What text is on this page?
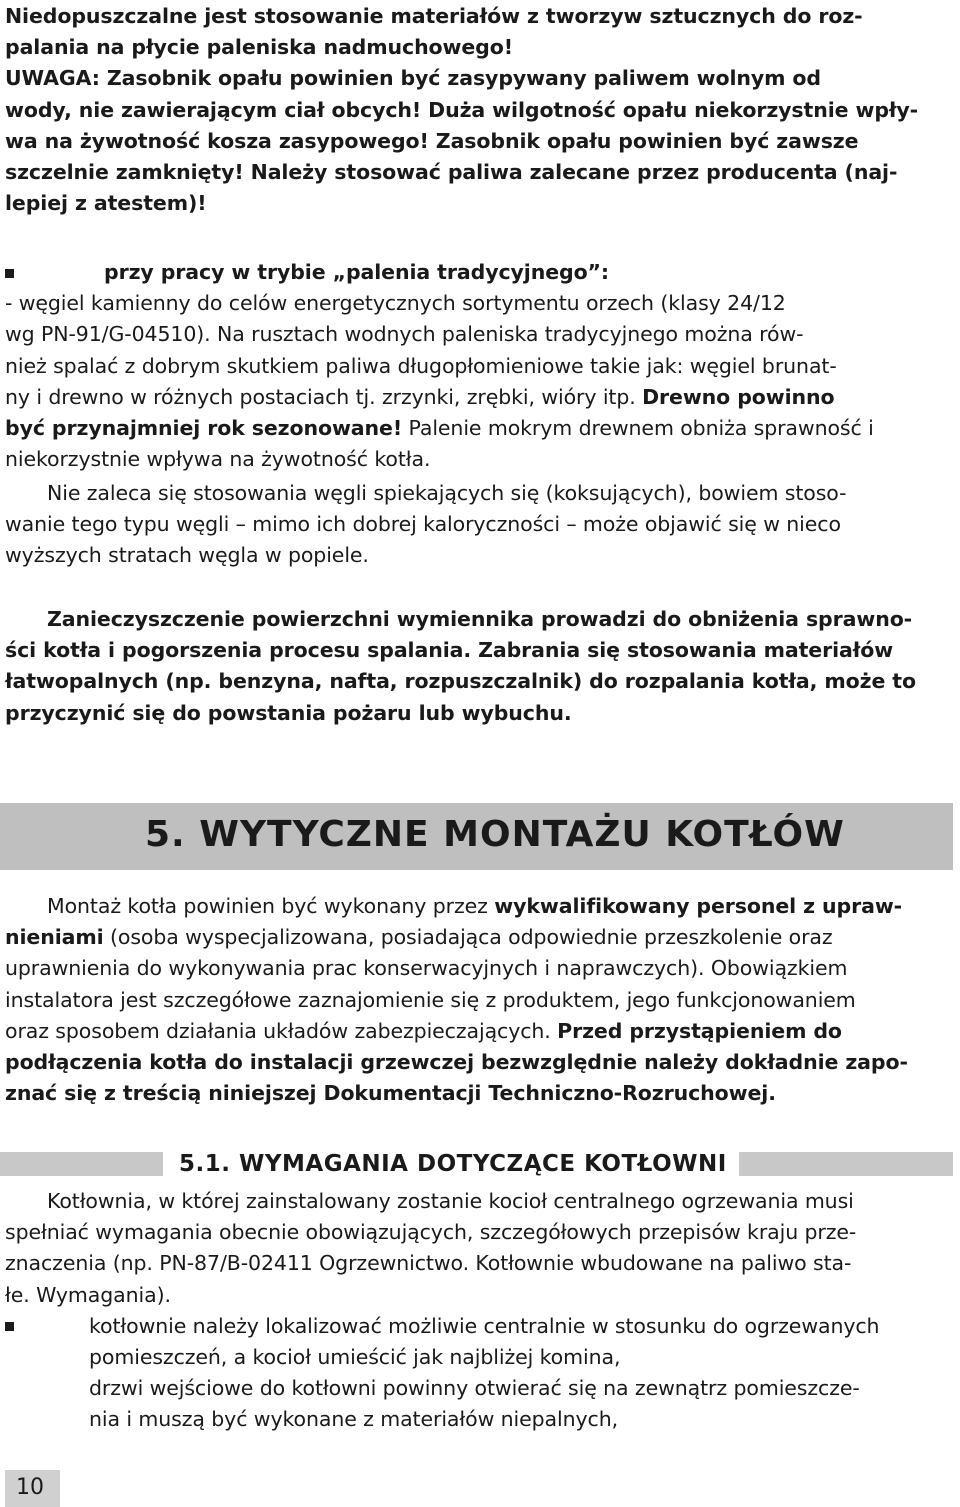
Niedopuszczalne jest stosowanie materiałów z tworzyw sztucznych do roz-

palania na płycie paleniska nadmuchowego!

UWAGA: Zasobnik opału powinien być zasypywany paliwem wolnym od

wody, nie zawierającym ciał obcych! Duża wilgotność opału niekorzystnie wpły-

wa na żywotność kosza zasypowego! Zasobnik opału powinien być zawsze

szczelnie zamknięty! Należy stosować paliwa zalecane przez producenta (naj-

lepiej z atestem)!

przy pracy w trybie „palenia tradycyjnego”:

- węgiel kamienny do celów energetycznych sortymentu orzech (klasy 24/12

wg PN-91/G-04510). Na rusztach wodnych paleniska tradycyjnego można rów-

nież spalać z dobrym skutkiem paliwa długopłomieniowe takie jak: węgiel brunat-

ny i drewno w różnych postaciach tj. zrzynki, zrębki, wióry itp. Drewno powinno

być przynajmniej rok sezonowane! Palenie mokrym drewnem obniża sprawność i

niekorzystnie wpływa na żywotność kotła.

Nie zaleca się stosowania węgli spiekających się (koksujących), bowiem stoso-

wanie tego typu węgli – mimo ich dobrej kaloryczności – może objawić się w nieco

wyższych stratach węgla w popiele.

Zanieczyszczenie powierzchni wymiennika prowadzi do obniżenia sprawno-

ści kotła i pogorszenia procesu spalania. Zabrania się stosowania materiałów

łatwopalnych (np. benzyna, nafta, rozpuszczalnik) do rozpalania kotła, może to

przyczynić się do powstania pożaru lub wybuchu.

5. WYTYCZNE MONTAŻU KOTŁÓW

Montaż kotła powinien być wykonany przez wykwalifikowany personel z upraw-

nieniami (osoba wyspecjalizowana, posiadająca odpowiednie przeszkolenie oraz

uprawnienia do wykonywania prac konserwacyjnych i naprawczych). Obowiązkiem

instalatora jest szczegółowe zaznajomienie się z produktem, jego funkcjonowaniem

oraz sposobem działania układów zabezpieczających. Przed przystąpieniem do

podłączenia kotła do instalacji grzewczej bezwzględnie należy dokładnie zapo-

znać się z treścią niniejszej Dokumentacji Techniczno-Rozruchowej.

5.1. WYMAGANIA DOTYCZĄCE KOTŁOWNI

Kotłownia, w której zainstalowany zostanie kocioł centralnego ogrzewania musi

spełniać wymagania obecnie obowiązujących, szczegółowych przepisów kraju prze-

znaczenia (np. PN-87/B-02411 Ogrzewnictwo. Kotłownie wbudowane na paliwo sta-

łe. Wymagania).

kotłownie należy lokalizować możliwie centralnie w stosunku do ogrzewanych

pomieszczeń, a kocioł umieścić jak najbliżej komina,

drzwi wejściowe do kotłowni powinny otwierać się na zewnątrz pomieszcze-

nia i muszą być wykonane z materiałów niepalnych,

10
